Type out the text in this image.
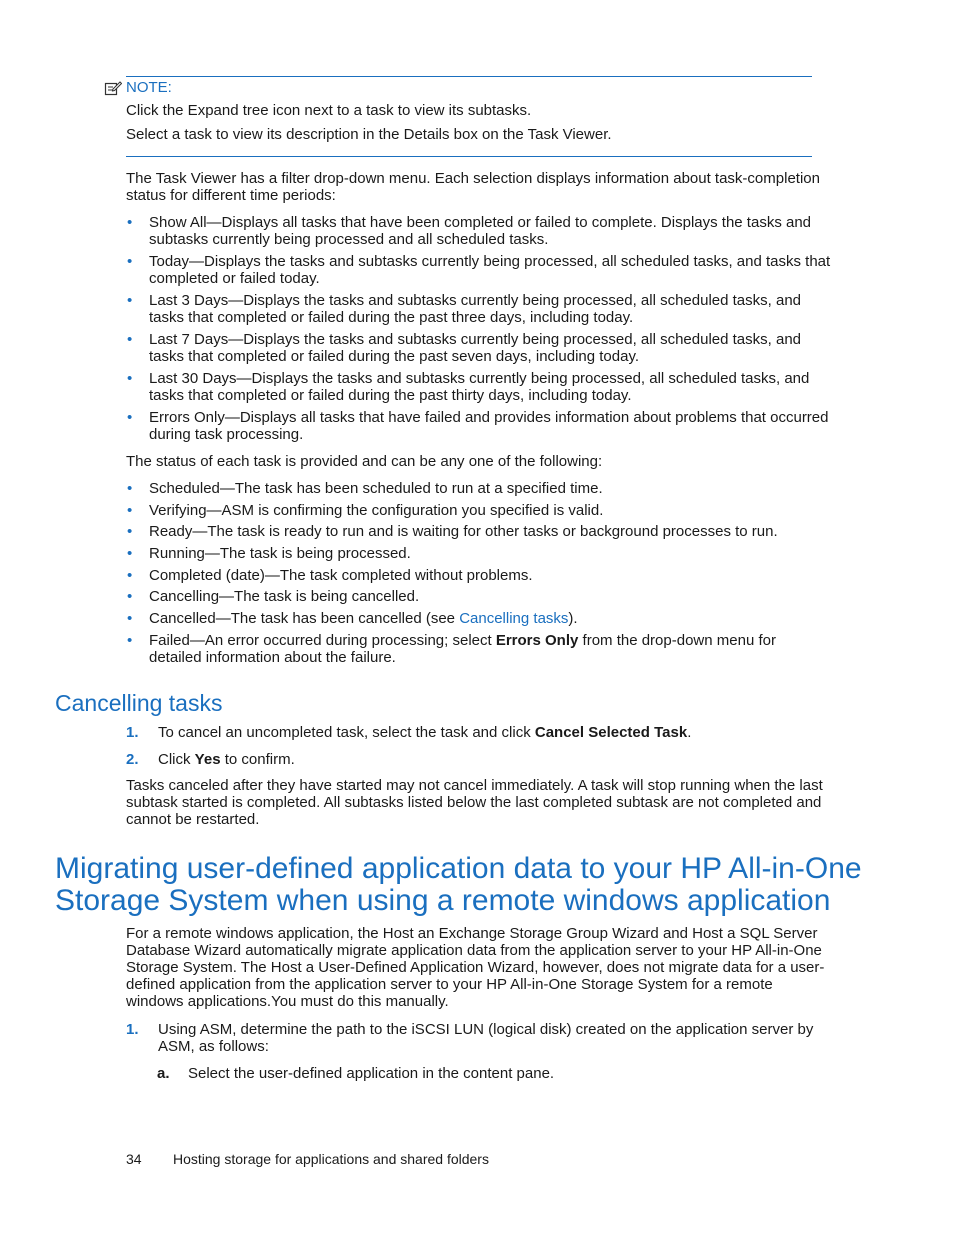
NOTE:
Click the Expand tree icon next to a task to view its subtasks.
Select a task to view its description in the Details box on the Task Viewer.
The Task Viewer has a filter drop-down menu. Each selection displays information about task-completion status for different time periods:
• Show All—Displays all tasks that have been completed or failed to complete. Displays the tasks and subtasks currently being processed and all scheduled tasks.
• Today—Displays the tasks and subtasks currently being processed, all scheduled tasks, and tasks that completed or failed today.
• Last 3 Days—Displays the tasks and subtasks currently being processed, all scheduled tasks, and tasks that completed or failed during the past three days, including today.
• Last 7 Days—Displays the tasks and subtasks currently being processed, all scheduled tasks, and tasks that completed or failed during the past seven days, including today.
• Last 30 Days—Displays the tasks and subtasks currently being processed, all scheduled tasks, and tasks that completed or failed during the past thirty days, including today.
• Errors Only—Displays all tasks that have failed and provides information about problems that occurred during task processing.
The status of each task is provided and can be any one of the following:
• Scheduled—The task has been scheduled to run at a specified time.
• Verifying—ASM is confirming the configuration you specified is valid.
• Ready—The task is ready to run and is waiting for other tasks or background processes to run.
• Running—The task is being processed.
• Completed (date)—The task completed without problems.
• Cancelling—The task is being cancelled.
• Cancelled—The task has been cancelled (see Cancelling tasks).
• Failed—An error occurred during processing; select Errors Only from the drop-down menu for detailed information about the failure.
Cancelling tasks
1.	To cancel an uncompleted task, select the task and click Cancel Selected Task.
2.	Click Yes to confirm.
Tasks canceled after they have started may not cancel immediately. A task will stop running when the last subtask started is completed. All subtasks listed below the last completed subtask are not completed and cannot be restarted.
Migrating user-defined application data to your HP All-in-One Storage System when using a remote windows application
For a remote windows application, the Host an Exchange Storage Group Wizard and Host a SQL Server Database Wizard automatically migrate application data from the application server to your HP All-in-One Storage System. The Host a User-Defined Application Wizard, however, does not migrate data for a user-defined application from the application server to your HP All-in-One Storage System for a remote windows applications.You must do this manually.
1.	Using ASM, determine the path to the iSCSI LUN (logical disk) created on the application server by ASM, as follows:
a.	Select the user-defined application in the content pane.
34 Hosting storage for applications and shared folders
